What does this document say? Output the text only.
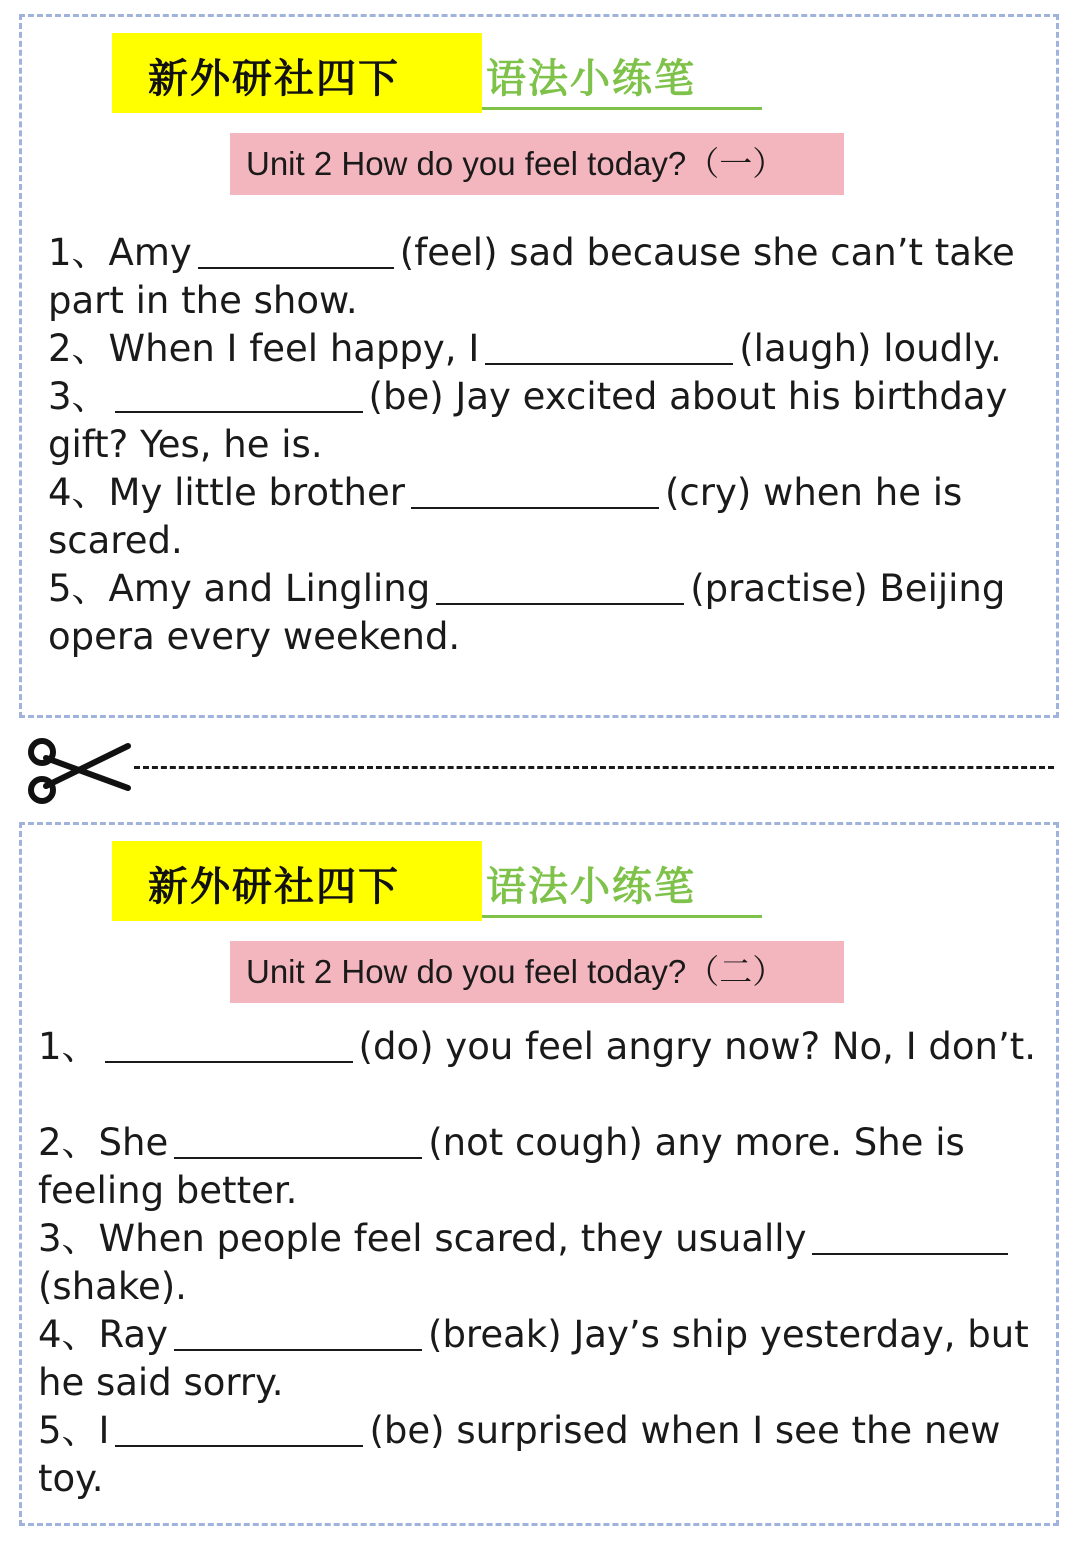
新外研社四下 语法小练笔
Unit 2 How do you feel today?（一）

1、Amy	(feel) sad because she can’t take part in the show.

2、When I feel happy, I	(laugh) loudly.

3、	(be) Jay excited about his birthday gift? Yes, he is.

4、My little brother	(cry) when he is scared.

5、Amy and Lingling	(practise) Beijing opera every weekend.

新外研社四下 语法小练笔
Unit 2 How do you feel today?（二）

1、	(do) you feel angry now? No, I don’t.

2、She	(not cough) any more. She is feeling better.

3、When people feel scared, they usually(shake).

4、Ray	(break) Jay’s ship yesterday, but he said sorry.

5、I	(be) surprised when I see the new toy.
